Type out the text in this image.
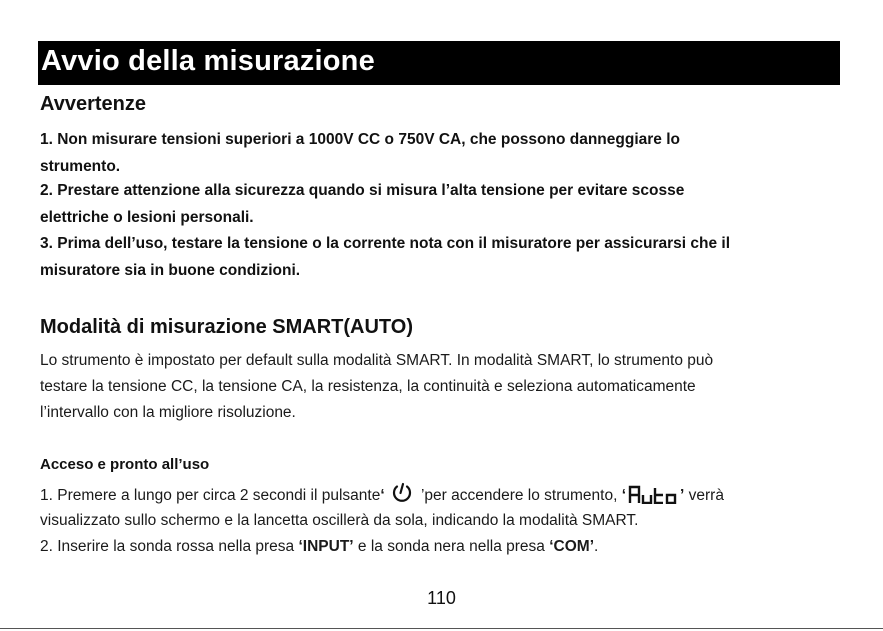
Avvio della misurazione
Avvertenze

1. Non misurare tensioni superiori a 1000V CC o 750V CA, che possono danneggiare lo

strumento.

2. Prestare attenzione alla sicurezza quando si misura l’alta tensione per evitare scosse

elettriche o lesioni personali.

3. Prima dell’uso, testare la tensione o la corrente nota con il misuratore per assicurarsi che il

misuratore sia in buone condizioni.

Modalità di misurazione SMART(AUTO)

Lo strumento è impostato per default sulla modalità SMART. In modalità SMART, lo strumento può

testare la tensione CC, la tensione CA, la resistenza, la continuità e seleziona automaticamente

l’intervallo con la migliore risoluzione.

Acceso e pronto all’uso

1. Premere a lungo per circa 2 secondi il pulsante‘ ’per accendere lo strumento, ‘	’ verrà

visualizzato sullo schermo e la lancetta oscillerà da sola, indicando la modalità SMART.

2. Inserire la sonda rossa nella presa ‘INPUT’ e la sonda nera nella presa ‘COM’.

110
